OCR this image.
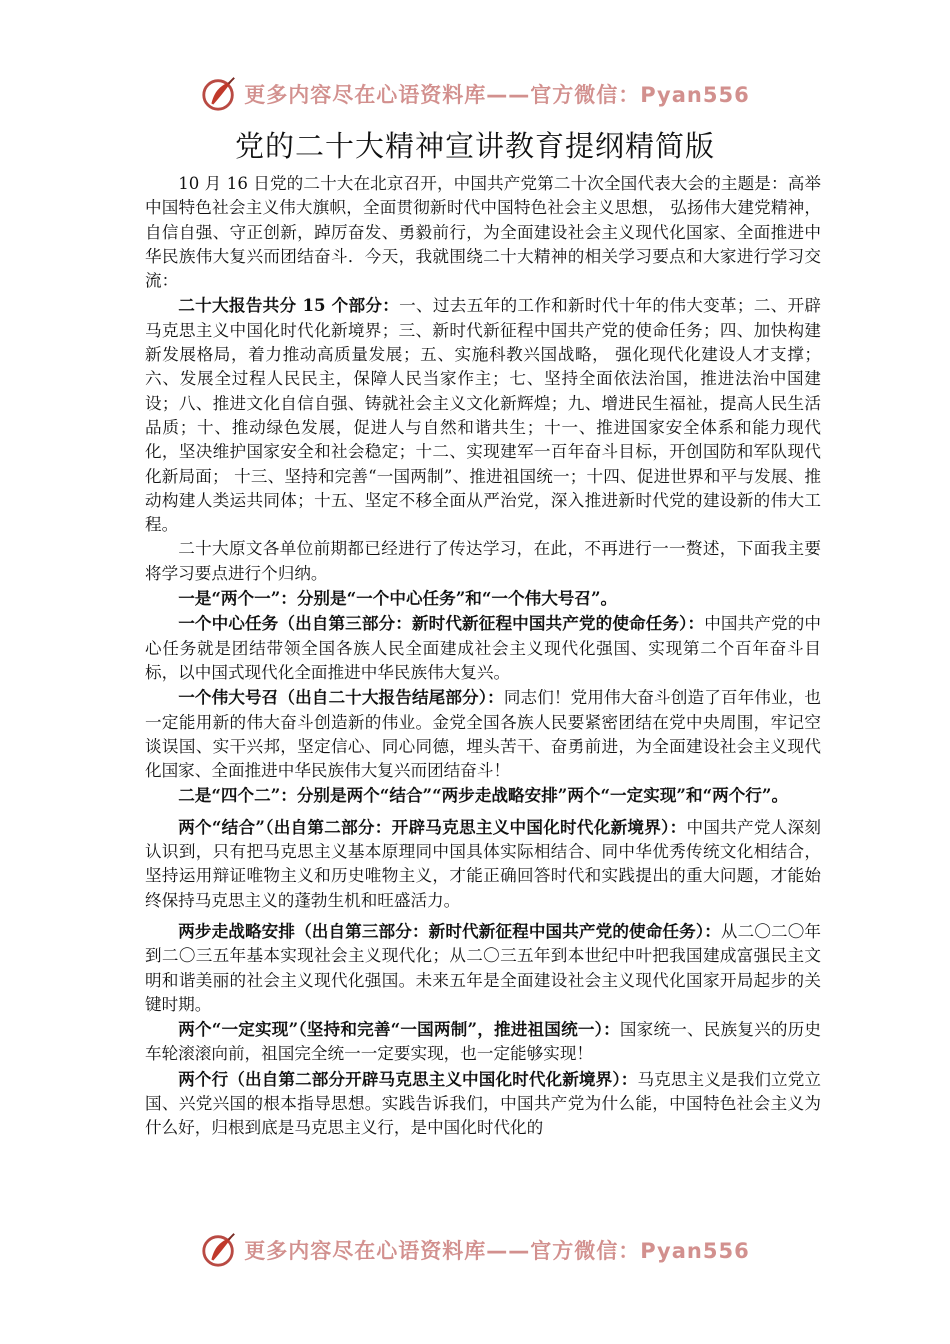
更多内容尽在心语资料库——官方微信：Pyan556
党的二十大精神宣讲教育提纲精简版

10 月 16 日党的二十大在北京召开，中国共产党第二十次全国代表大会的主题是：高举中国特色社会主义伟大旗帜，全面贯彻新时代中国特色社会主义思想， 弘扬伟大建党精神，自信自强、守正创新，踔厉奋发、勇毅前行，为全面建设社会主义现代化国家、全面推进中华民族伟大复兴而团结奋斗．今天，我就围绕二十大精神的相关学习要点和大家进行学习交流：

二十大报告共分 15 个部分：一、过去五年的工作和新时代十年的伟大变革；二、开辟马克思主义中国化时代化新境界；三、新时代新征程中国共产党的使命任务；四、加快构建新发展格局，着力推动高质量发展；五、实施科教兴国战略， 强化现代化建设人才支撑；六、发展全过程人民民主，保障人民当家作主；七、坚持全面依法治国，推进法治中国建设；八、推进文化自信自强、铸就社会主义文化新辉煌；九、增进民生福祉，提高人民生活品质；十、推动绿色发展，促进人与自然和谐共生；十一、推进国家安全体系和能力现代化，坚决维护国家安全和社会稳定；十二、实现建军一百年奋斗目标，开创国防和军队现代化新局面； 十三、坚持和完善“一国两制”、推进祖国统一；十四、促进世界和平与发展、推动构建人类运共同体；十五、坚定不移全面从严治党，深入推进新时代党的建设新的伟大工程。

二十大原文各单位前期都已经进行了传达学习，在此，不再进行一一赘述，下面我主要将学习要点进行个归纳。

一是“两个一”：分别是“一个中心任务”和“一个伟大号召”。

一个中心任务（出自第三部分：新时代新征程中国共产党的使命任务）：中国共产党的中心任务就是团结带领全国各族人民全面建成社会主义现代化强国、实现第二个百年奋斗目标，以中国式现代化全面推进中华民族伟大复兴。

一个伟大号召（出自二十大报告结尾部分）：同志们！党用伟大奋斗创造了百年伟业，也一定能用新的伟大奋斗创造新的伟业。金党全国各族人民要紧密团结在党中央周围，牢记空谈误国、实干兴邦，坚定信心、同心同德，埋头苦干、奋勇前进，为全面建设社会主义现代化国家、全面推进中华民族伟大复兴而团结奋斗！

二是“四个二”：分别是两个“结合”“两步走战略安排”两个“一定实现”和“两个行”。

两个“结合”（出自第二部分：开辟马克思主义中国化时代化新境界）：中国共产党人深刻认识到，只有把马克思主义基本原理同中国具体实际相结合、同中华优秀传统文化相结合，坚持运用辩证唯物主义和历史唯物主义，才能正确回答时代和实践提出的重大问题，才能始终保持马克思主义的蓬勃生机和旺盛活力。

两步走战略安排（出自第三部分：新时代新征程中国共产党的使命任务）：从二〇二〇年到二〇三五年基本实现社会主义现代化；从二〇三五年到本世纪中叶把我国建成富强民主文明和谐美丽的社会主义现代化强国。未来五年是全面建设社会主义现代化国家开局起步的关键时期。

两个“一定实现”（坚持和完善“一国两制”，推进祖国统一）：国家统一、民族复兴的历史车轮滚滚向前，祖国完全统一一定要实现，也一定能够实现！

两个行（出自第二部分开辟马克思主义中国化时代化新境界）：马克思主义是我们立党立国、兴党兴国的根本指导思想。实践告诉我们，中国共产党为什么能，中国特色社会主义为什么好，归根到底是马克思主义行，是中国化时代化的

更多内容尽在心语资料库——官方微信：Pyan556
